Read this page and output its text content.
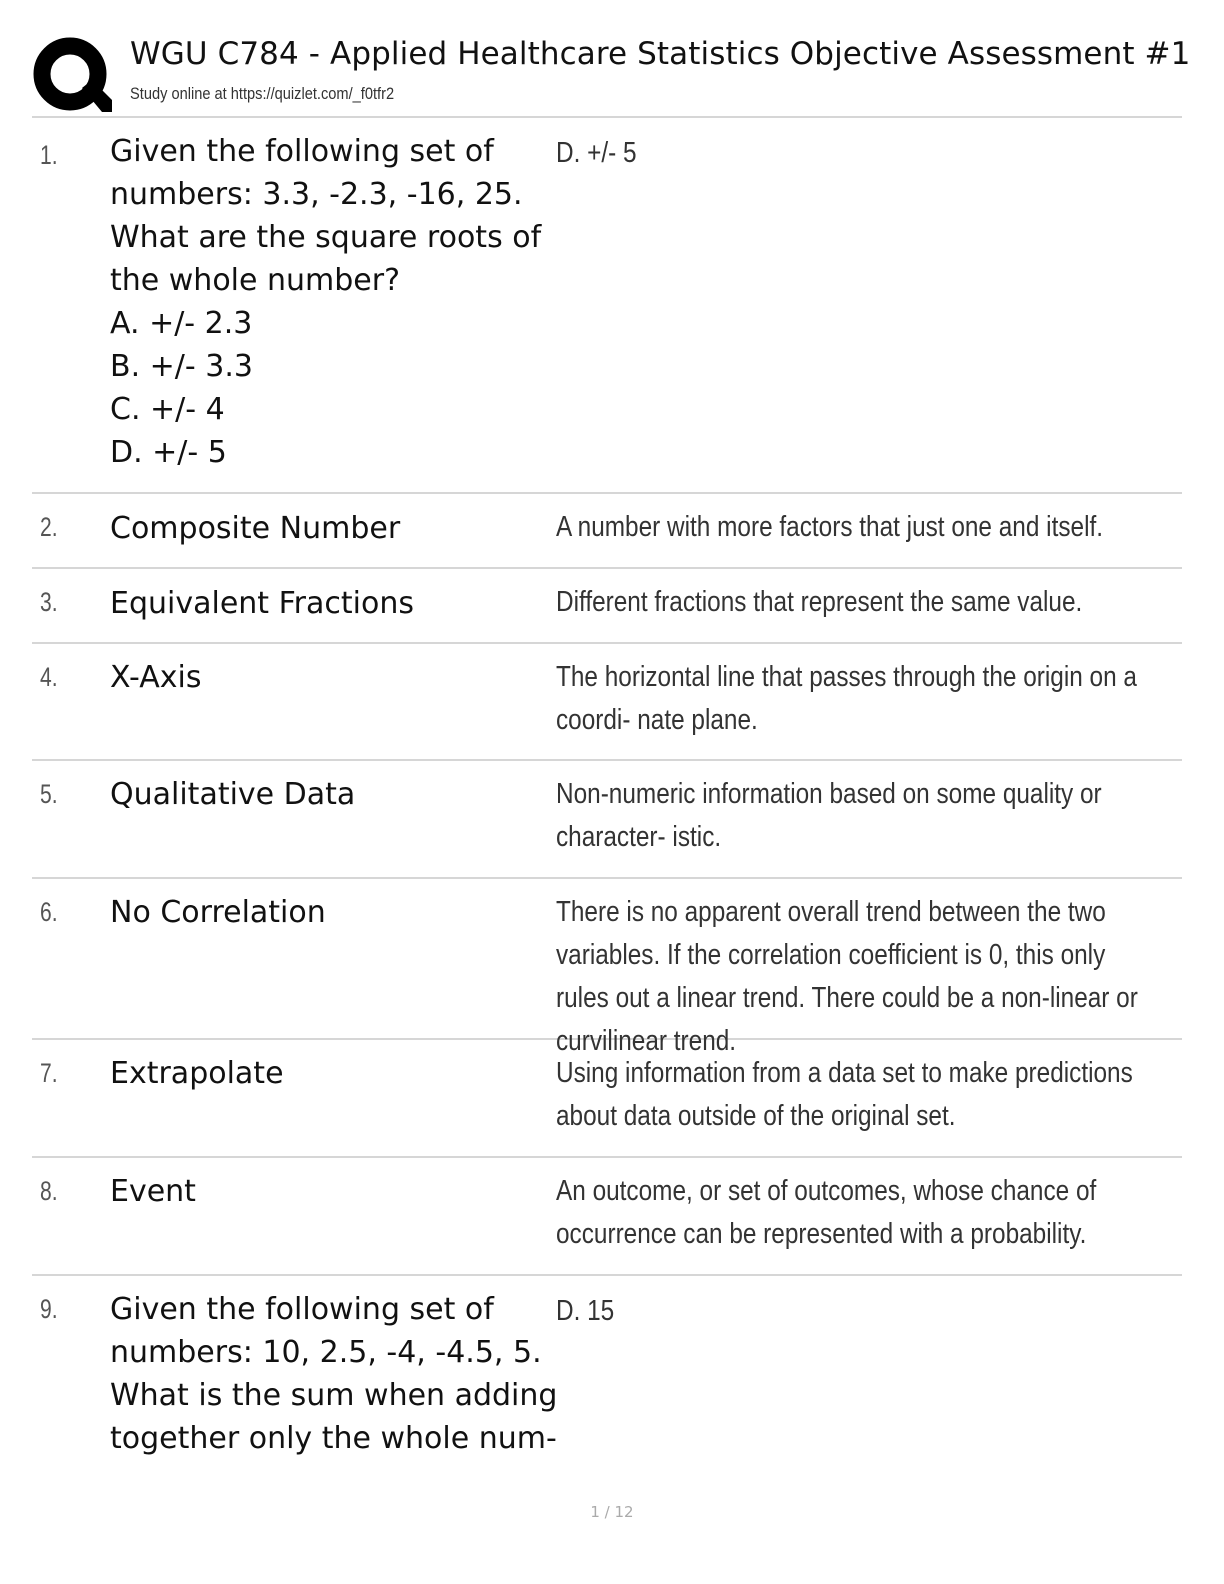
WGU C784 - Applied Healthcare Statistics Objective Assessment #1
Study online at https://quizlet.com/_f0tfr2
1. Given the following set of numbers: 3.3, -2.3, -16, 25. What are the square roots of the whole number?
A. +/- 2.3
B. +/- 3.3
C. +/- 4
D. +/- 5
D. +/- 5
2. Composite Number	A number with more factors that just one and itself.
3. Equivalent Fractions	Different fractions that represent the same value.
4. X-Axis	The horizontal line that passes through the origin on a coordi- nate plane.
5. Qualitative Data	Non-numeric information based on some quality or character- istic.
6. No Correlation	There is no apparent overall trend between the two variables. If the correlation coefficient is 0, this only rules out a linear trend. There could be a non-linear or curvilinear trend.
7. Extrapolate	Using information from a data set to make predictions about data outside of the original set.
8. Event	An outcome, or set of outcomes, whose chance of occurrence can be represented with a probability.
9. Given the following set of numbers: 10, 2.5, -4, -4.5, 5. What is the sum when adding together only the whole num-
D. 15
1 / 12
